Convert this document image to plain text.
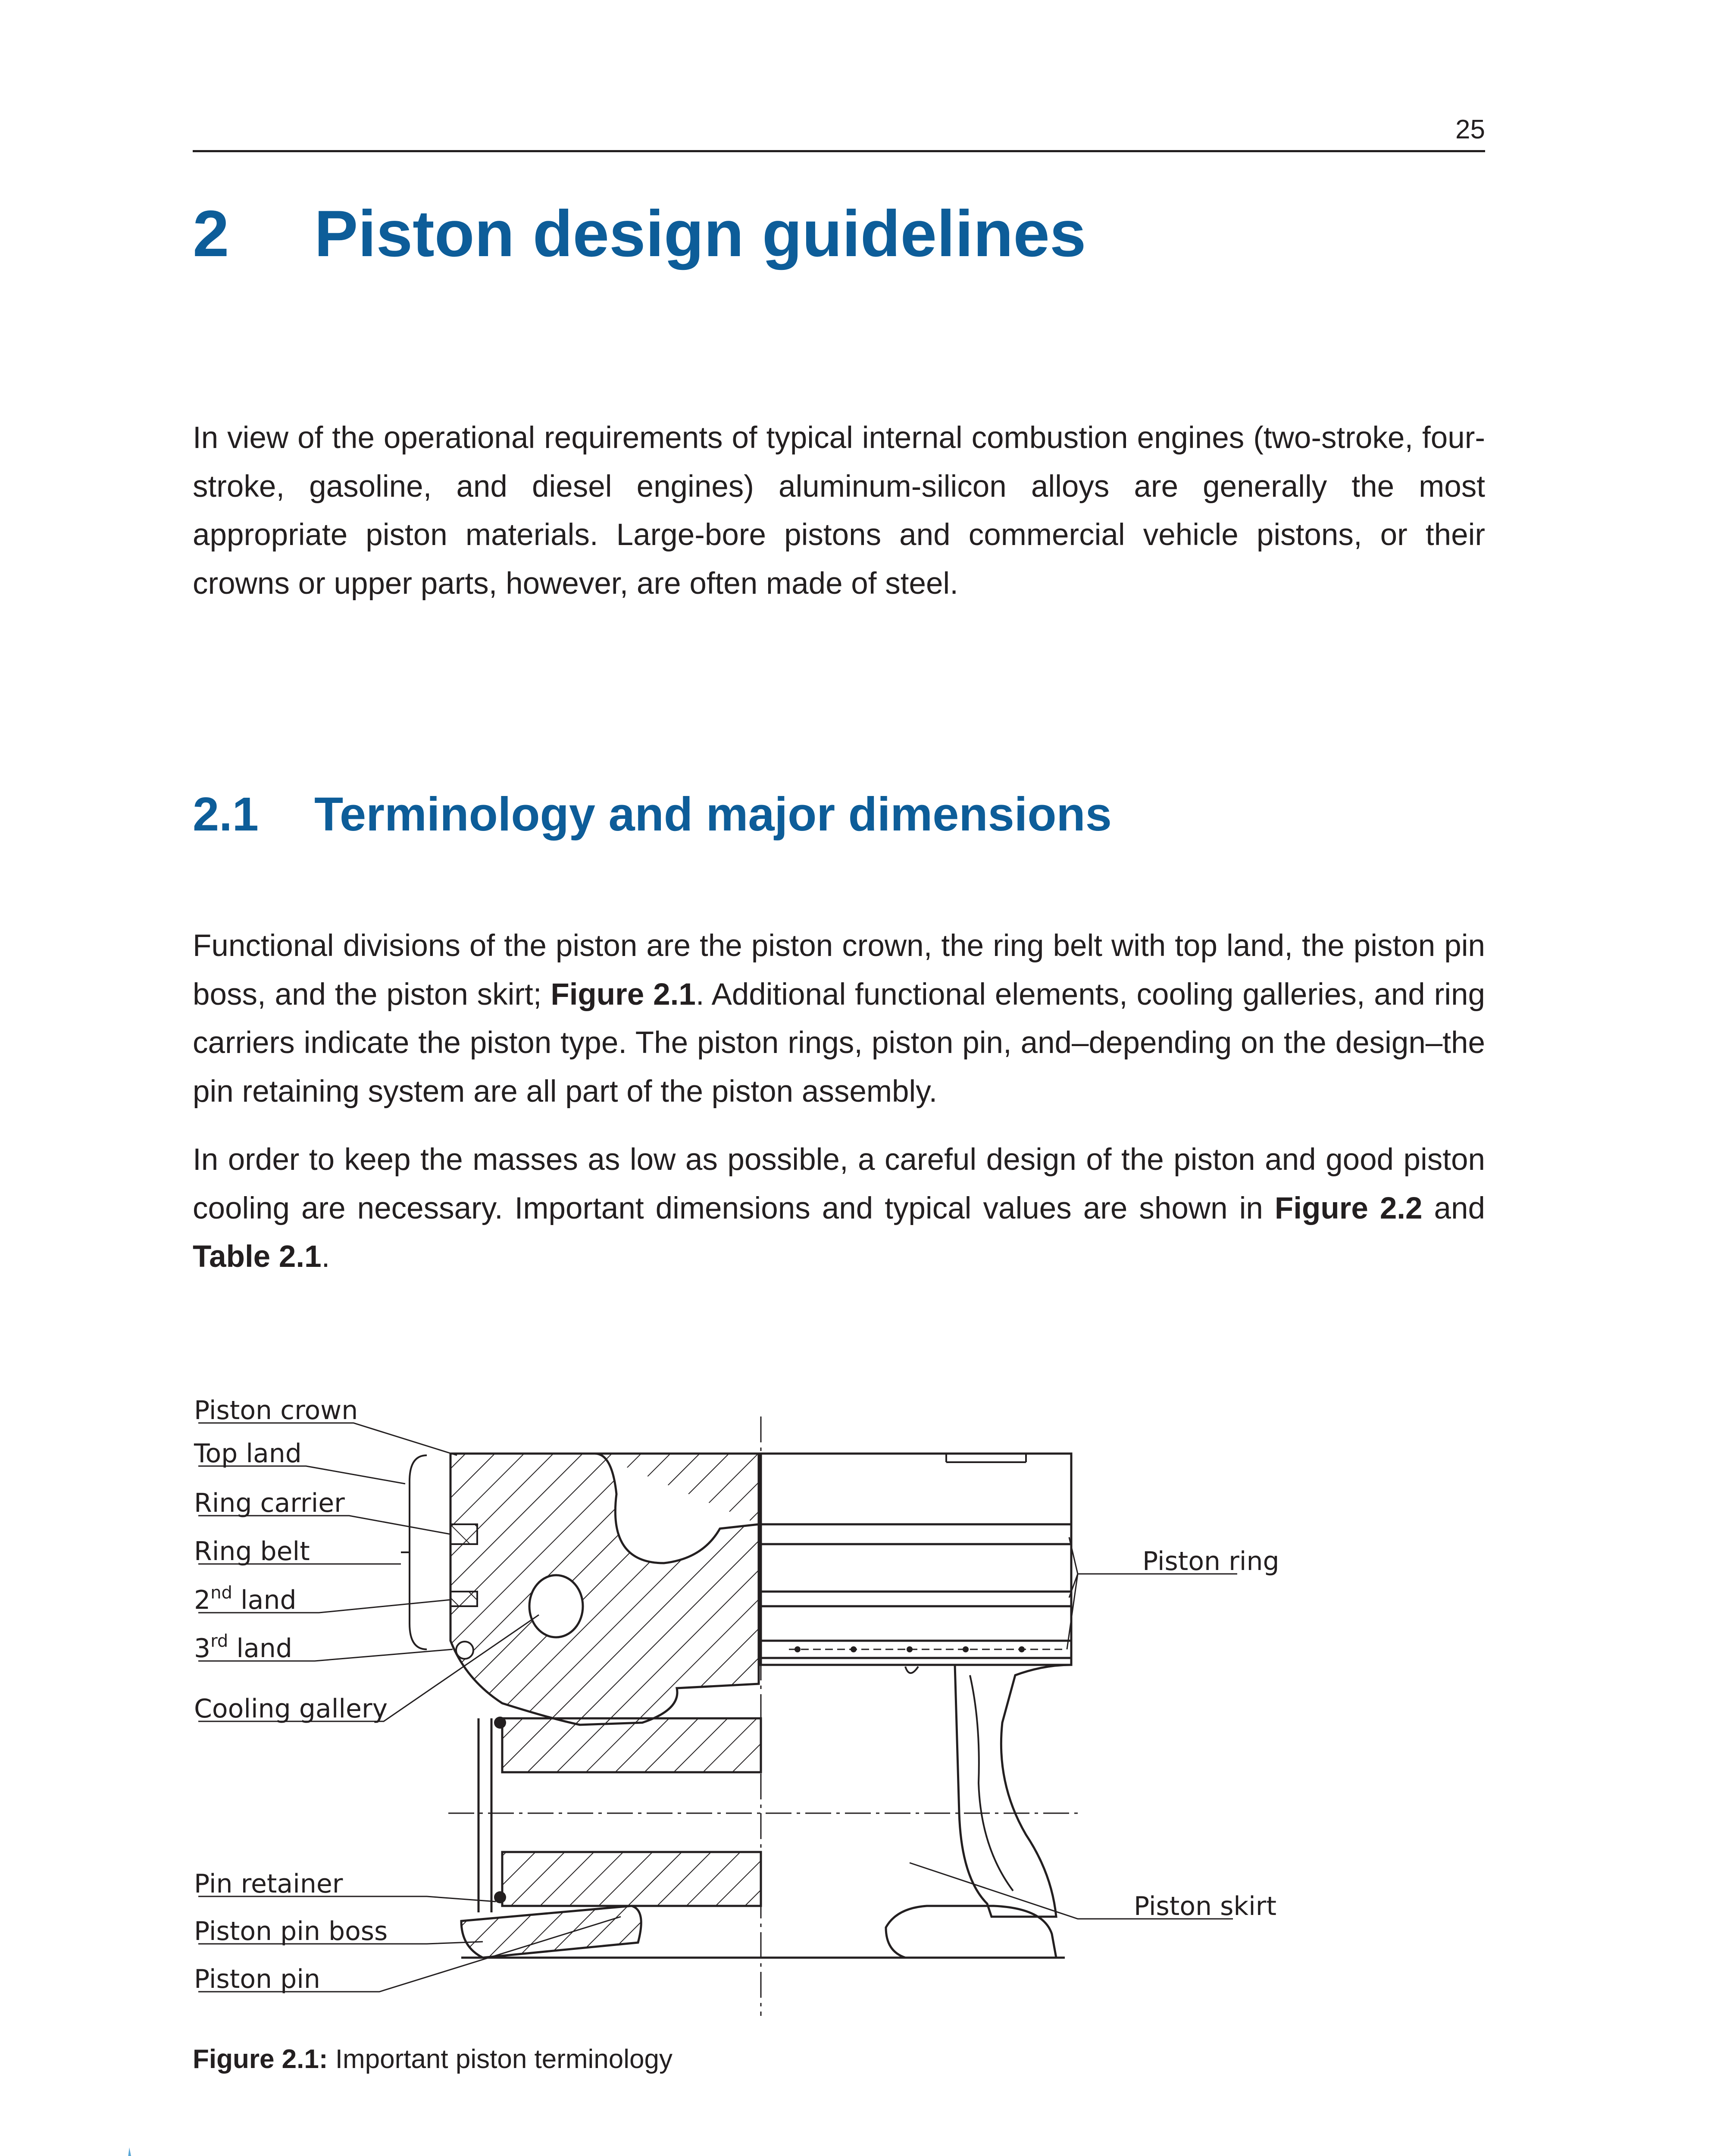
25
2 Piston design guidelines
In view of the operational requirements of typical internal combustion engines (two-stroke, four-stroke, gasoline, and diesel engines) aluminum-silicon alloys are generally the most appropriate piston materials. Large-bore pistons and commercial vehicle pistons, or their crowns or upper parts, however, are often made of steel.
2.1 Terminology and major dimensions
Functional divisions of the piston are the piston crown, the ring belt with top land, the piston pin boss, and the piston skirt; Figure 2.1. Additional functional elements, cooling galleries, and ring carriers indicate the piston type. The piston rings, piston pin, and–depending on the design–the pin retaining system are all part of the piston assembly.
In order to keep the masses as low as possible, a careful design of the piston and good piston cooling are necessary. Important dimensions and typical values are shown in Figure 2.2 and Table 2.1.
Piston crown
Top land
Ring carrier
Ring belt
2nd land
3rd land
Cooling gallery
Pin retainer
Piston pin boss
Piston pin
Piston ring
Piston skirt
Figure 2.1: Important piston terminology
